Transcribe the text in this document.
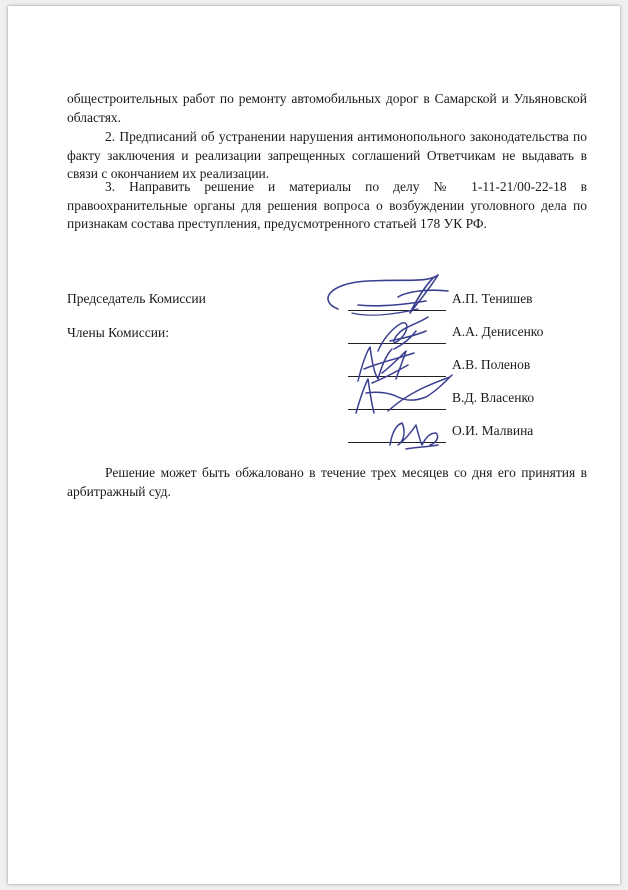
общестроительных работ по ремонту автомобильных дорог в Самарской и Ульяновской областях.

2. Предписаний об устранении нарушения антимонопольного законодательства по факту заключения и реализации запрещенных соглашений Ответчикам не выдавать в связи с окончанием их реализации.

3. Направить решение и материалы по делу № 1-11-21/00-22-18 в правоохранительные органы для решения вопроса о возбуждении уголовного дела по признакам состава преступления, предусмотренного статьей 178 УК РФ.

Председатель Комиссии
Члены Комиссии:
А.П. Тенишев
А.А. Денисенко
А.В. Поленов
В.Д. Власенко
О.И. Малвина

Решение может быть обжаловано в течение трех месяцев со дня его принятия в арбитражный суд.
